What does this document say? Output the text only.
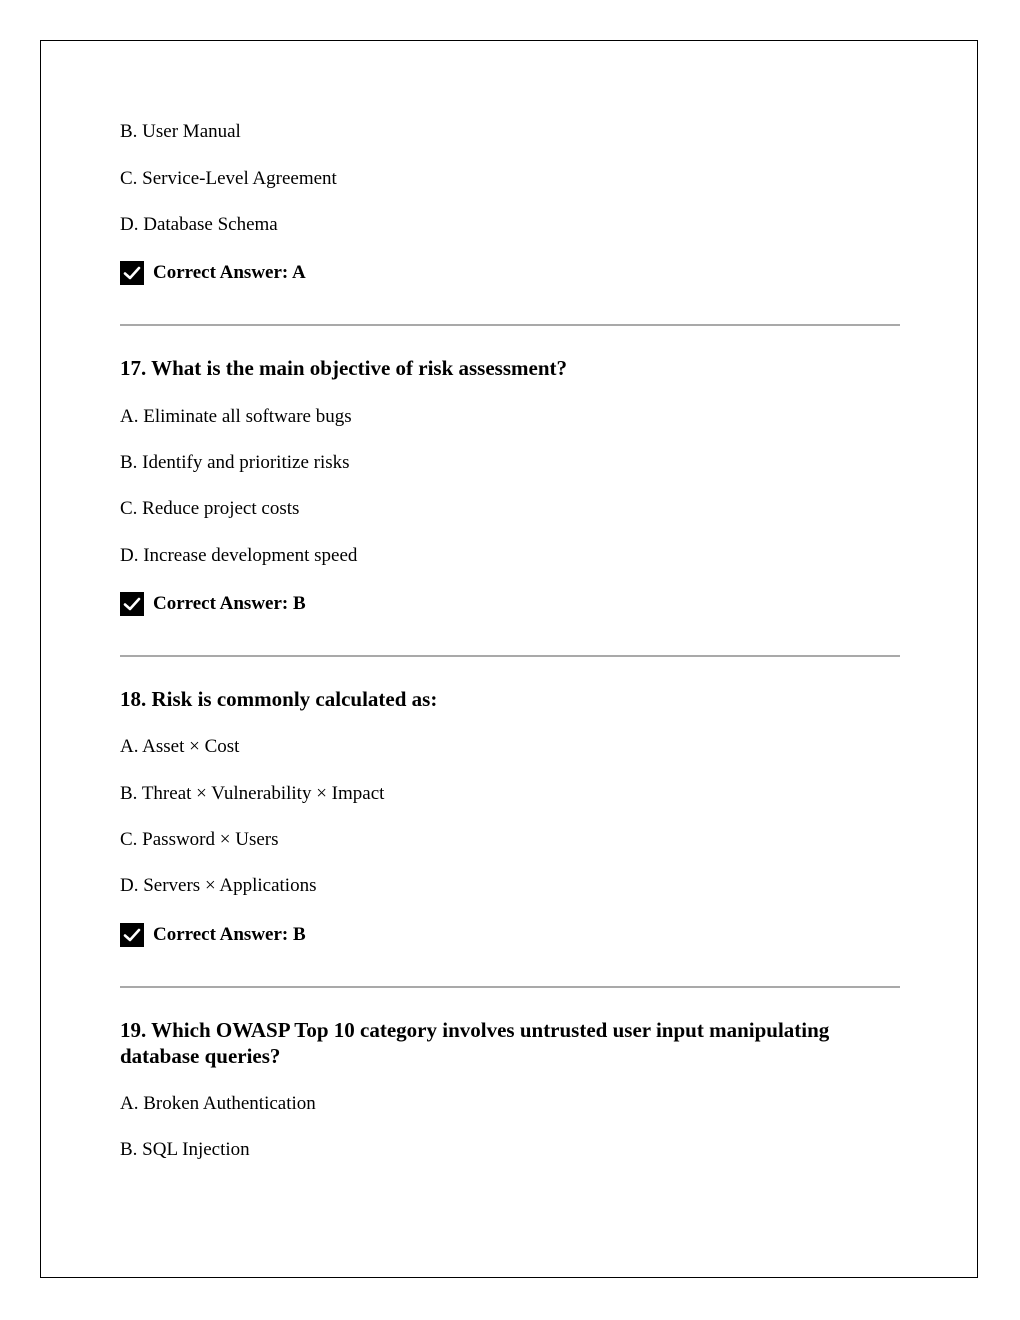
B. User Manual
C. Service-Level Agreement
D. Database Schema
Correct Answer: A
17. What is the main objective of risk assessment?
A. Eliminate all software bugs
B. Identify and prioritize risks
C. Reduce project costs
D. Increase development speed
Correct Answer: B
18. Risk is commonly calculated as:
A. Asset × Cost
B. Threat × Vulnerability × Impact
C. Password × Users
D. Servers × Applications
Correct Answer: B
19. Which OWASP Top 10 category involves untrusted user input manipulating database queries?
A. Broken Authentication
B. SQL Injection
